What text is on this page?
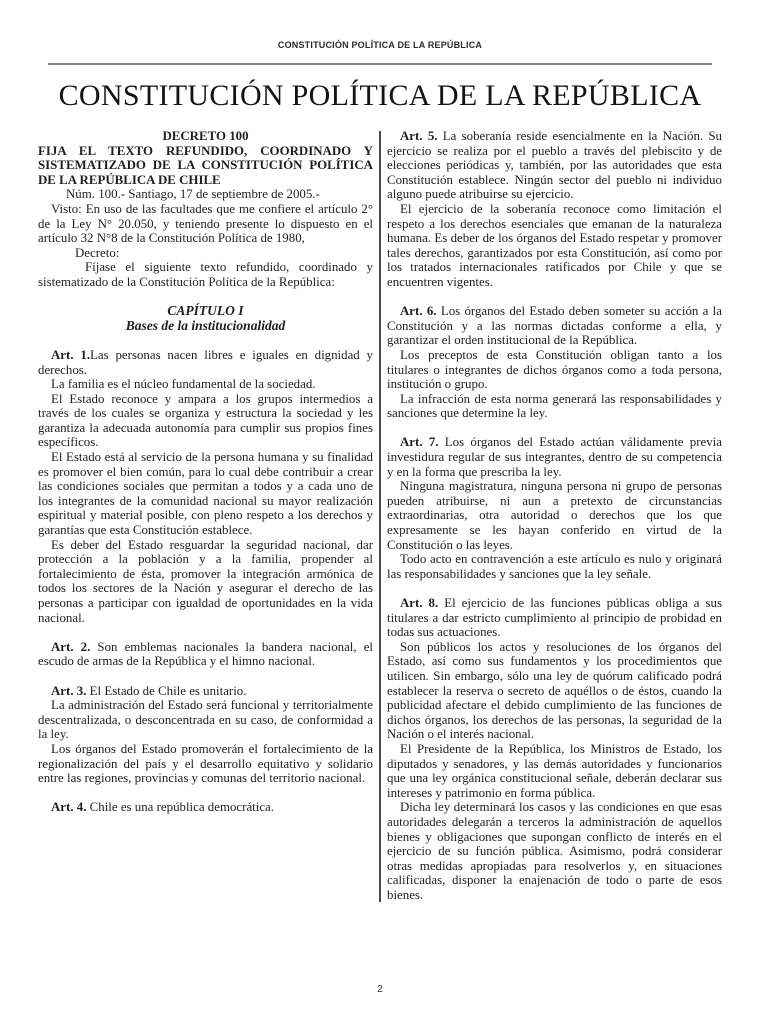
CONSTITUCIÓN POLÍTICA DE LA REPÚBLICA
CONSTITUCIÓN POLÍTICA DE LA REPÚBLICA

DECRETO 100

FIJA EL TEXTO REFUNDIDO, COORDINADO Y SISTEMATIZADO DE LA CONSTITUCIÓN POLÍTICA DE LA REPÚBLICA DE CHILE

Núm. 100.- Santiago, 17 de septiembre de 2005.-

Visto: En uso de las facultades que me confiere el artículo 2° de la Ley N° 20.050, y teniendo presente lo dispuesto en el artículo 32 N°8 de la Constitución Política de 1980,

Decreto:

Fíjase el siguiente texto refundido, coordinado y sistematizado de la Constitución Política de la República:

CAPÍTULO I

Bases de la institucionalidad

Art. 1.Las personas nacen libres e iguales en dignidad y derechos.

La familia es el núcleo fundamental de la sociedad.

El Estado reconoce y ampara a los grupos intermedios a través de los cuales se organiza y estructura la sociedad y les garantiza la adecuada autonomía para cumplir sus propios fines específicos.

El Estado está al servicio de la persona humana y su finalidad es promover el bien común, para lo cual debe contribuir a crear las condiciones sociales que permitan a todos y a cada uno de los integrantes de la comunidad nacional su mayor realización espiritual y material posible, con pleno respeto a los derechos y garantías que esta Constitución establece.

Es deber del Estado resguardar la seguridad nacional, dar protección a la población y a la familia, propender al fortalecimiento de ésta, promover la integración armónica de todos los sectores de la Nación y asegurar el derecho de las personas a participar con igualdad de oportunidades en la vida nacional.

Art. 2. Son emblemas nacionales la bandera nacional, el escudo de armas de la República y el himno nacional.

Art. 3. El Estado de Chile es unitario.

La administración del Estado será funcional y territorialmente descentralizada, o desconcentrada en su caso, de conformidad a la ley.

Los órganos del Estado promoverán el fortalecimiento de la regionalización del país y el desarrollo equitativo y solidario entre las regiones, provincias y comunas del territorio nacional.

Art. 4. Chile es una república democrática.

Art. 5. La soberanía reside esencialmente en la Nación. Su ejercicio se realiza por el pueblo a través del plebiscito y de elecciones periódicas y, también, por las autoridades que esta Constitución establece. Ningún sector del pueblo ni individuo alguno puede atribuirse su ejercicio.

El ejercicio de la soberanía reconoce como limitación el respeto a los derechos esenciales que emanan de la naturaleza humana. Es deber de los órganos del Estado respetar y promover tales derechos, garantizados por esta Constitución, así como por los tratados internacionales ratificados por Chile y que se encuentren vigentes.

Art. 6. Los órganos del Estado deben someter su acción a la Constitución y a las normas dictadas conforme a ella, y garantizar el orden institucional de la República.

Los preceptos de esta Constitución obligan tanto a los titulares o integrantes de dichos órganos como a toda persona, institución o grupo.

La infracción de esta norma generará las responsabilidades y sanciones que determine la ley.

Art. 7. Los órganos del Estado actúan válidamente previa investidura regular de sus integrantes, dentro de su competencia y en la forma que prescriba la ley.

Ninguna magistratura, ninguna persona ni grupo de personas pueden atribuirse, ni aun a pretexto de circunstancias extraordinarias, otra autoridad o derechos que los que expresamente se les hayan conferido en virtud de la Constitución o las leyes.

Todo acto en contravención a este artículo es nulo y originará las responsabilidades y sanciones que la ley señale.

Art. 8. El ejercicio de las funciones públicas obliga a sus titulares a dar estricto cumplimiento al principio de probidad en todas sus actuaciones.

Son públicos los actos y resoluciones de los órganos del Estado, así como sus fundamentos y los procedimientos que utilicen. Sin embargo, sólo una ley de quórum calificado podrá establecer la reserva o secreto de aquéllos o de éstos, cuando la publicidad afectare el debido cumplimiento de las funciones de dichos órganos, los derechos de las personas, la seguridad de la Nación o el interés nacional.

El Presidente de la República, los Ministros de Estado, los diputados y senadores, y las demás autoridades y funcionarios que una ley orgánica constitucional señale, deberán declarar sus intereses y patrimonio en forma pública.

Dicha ley determinará los casos y las condiciones en que esas autoridades delegarán a terceros la administración de aquellos bienes y obligaciones que supongan conflicto de interés en el ejercicio de su función pública. Asimismo, podrá considerar otras medidas apropiadas para resolverlos y, en situaciones calificadas, disponer la enajenación de todo o parte de esos bienes.

2
